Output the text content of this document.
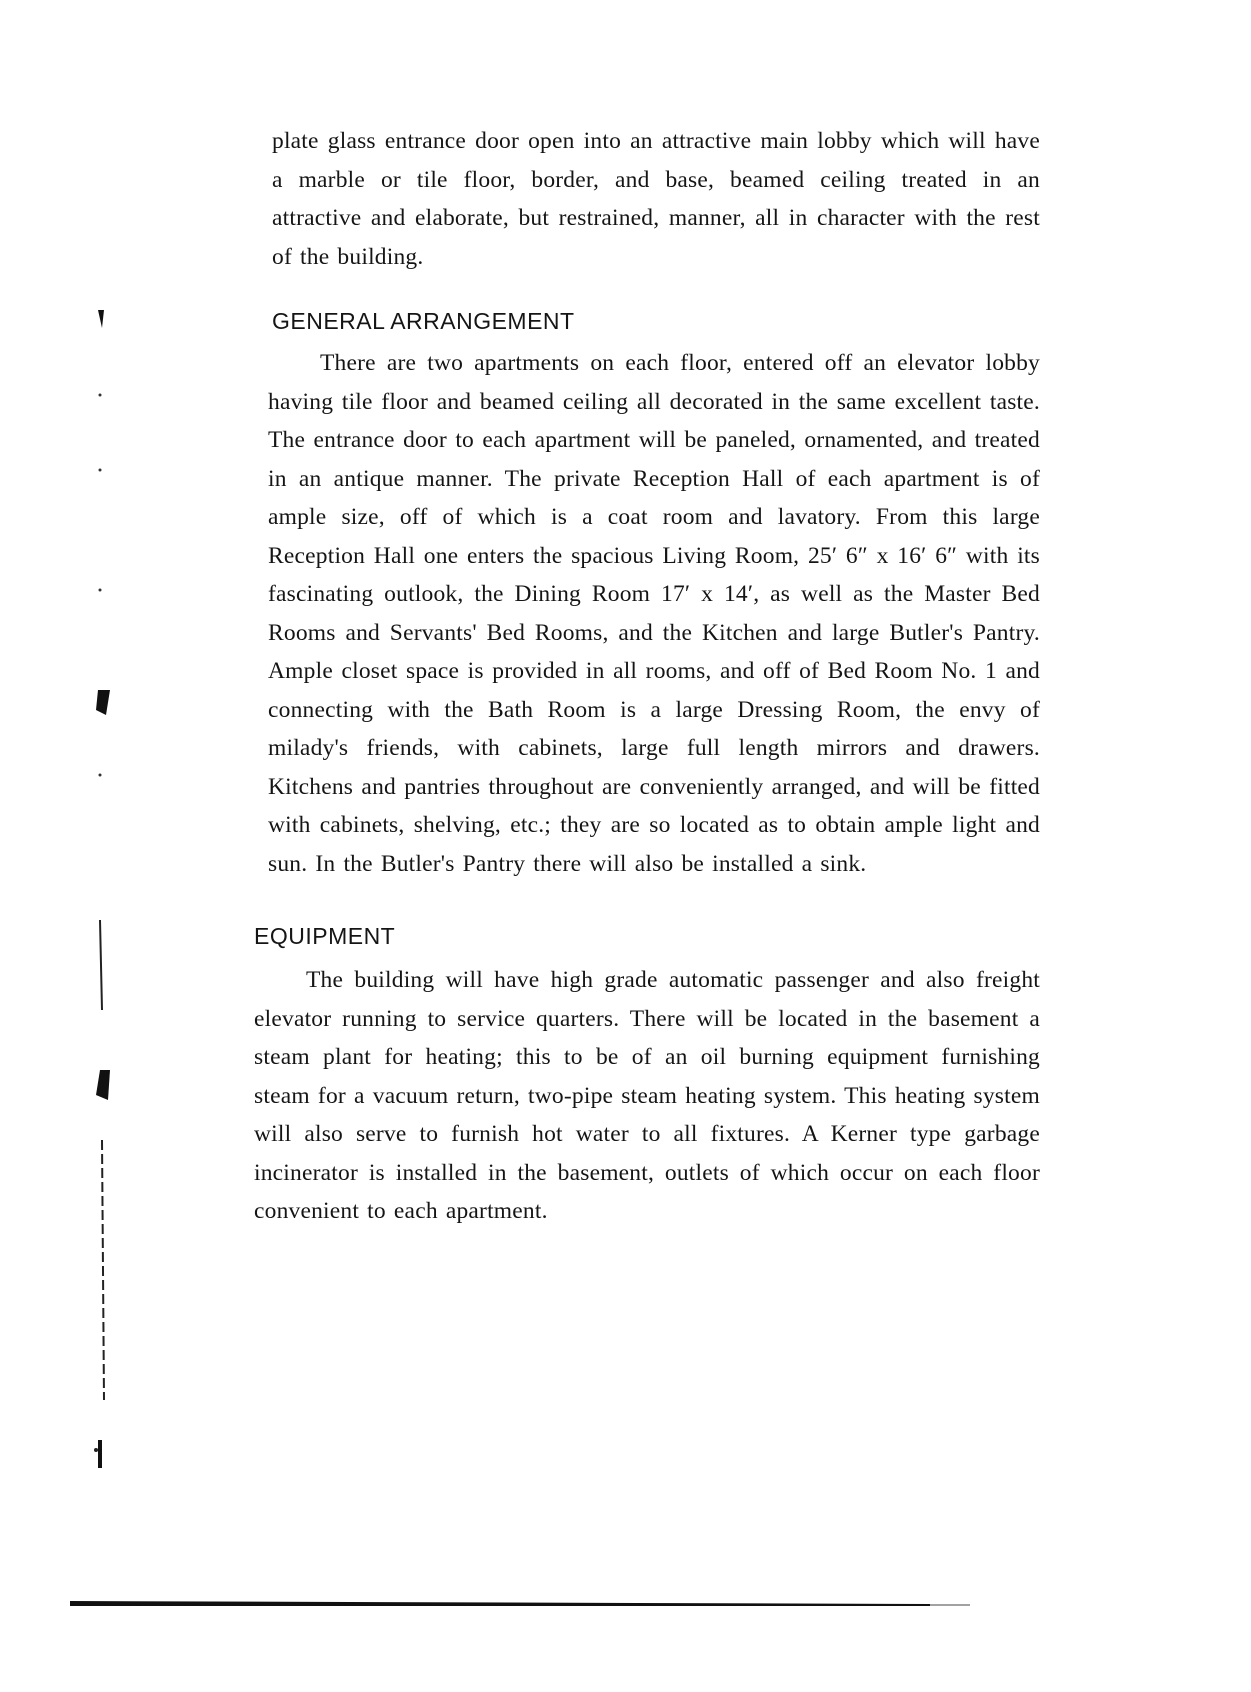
plate glass entrance door open into an attractive main lobby which will have a marble or tile floor, border, and base, beamed ceiling treated in an attractive and elaborate, but restrained, manner, all in character with the rest of the building.

GENERAL ARRANGEMENT

There are two apartments on each floor, entered off an elevator lobby having tile floor and beamed ceiling all decorated in the same excellent taste. The entrance door to each apartment will be paneled, ornamented, and treated in an antique manner. The private Reception Hall of each apartment is of ample size, off of which is a coat room and lavatory. From this large Reception Hall one enters the spacious Living Room, 25′ 6″ x 16′ 6″ with its fascinating outlook, the Dining Room 17′ x 14′, as well as the Master Bed Rooms and Servants' Bed Rooms, and the Kitchen and large Butler's Pantry. Ample closet space is provided in all rooms, and off of Bed Room No. 1 and connecting with the Bath Room is a large Dressing Room, the envy of milady's friends, with cabinets, large full length mirrors and drawers. Kitchens and pantries throughout are conveniently arranged, and will be fitted with cabinets, shelving, etc.; they are so located as to obtain ample light and sun. In the Butler's Pantry there will also be installed a sink.

EQUIPMENT

The building will have high grade automatic passenger and also freight elevator running to service quarters. There will be located in the basement a steam plant for heating; this to be of an oil burning equipment furnishing steam for a vacuum return, two-pipe steam heating system. This heating system will also serve to furnish hot water to all fixtures. A Kerner type garbage incinerator is installed in the basement, outlets of which occur on each floor convenient to each apartment.
